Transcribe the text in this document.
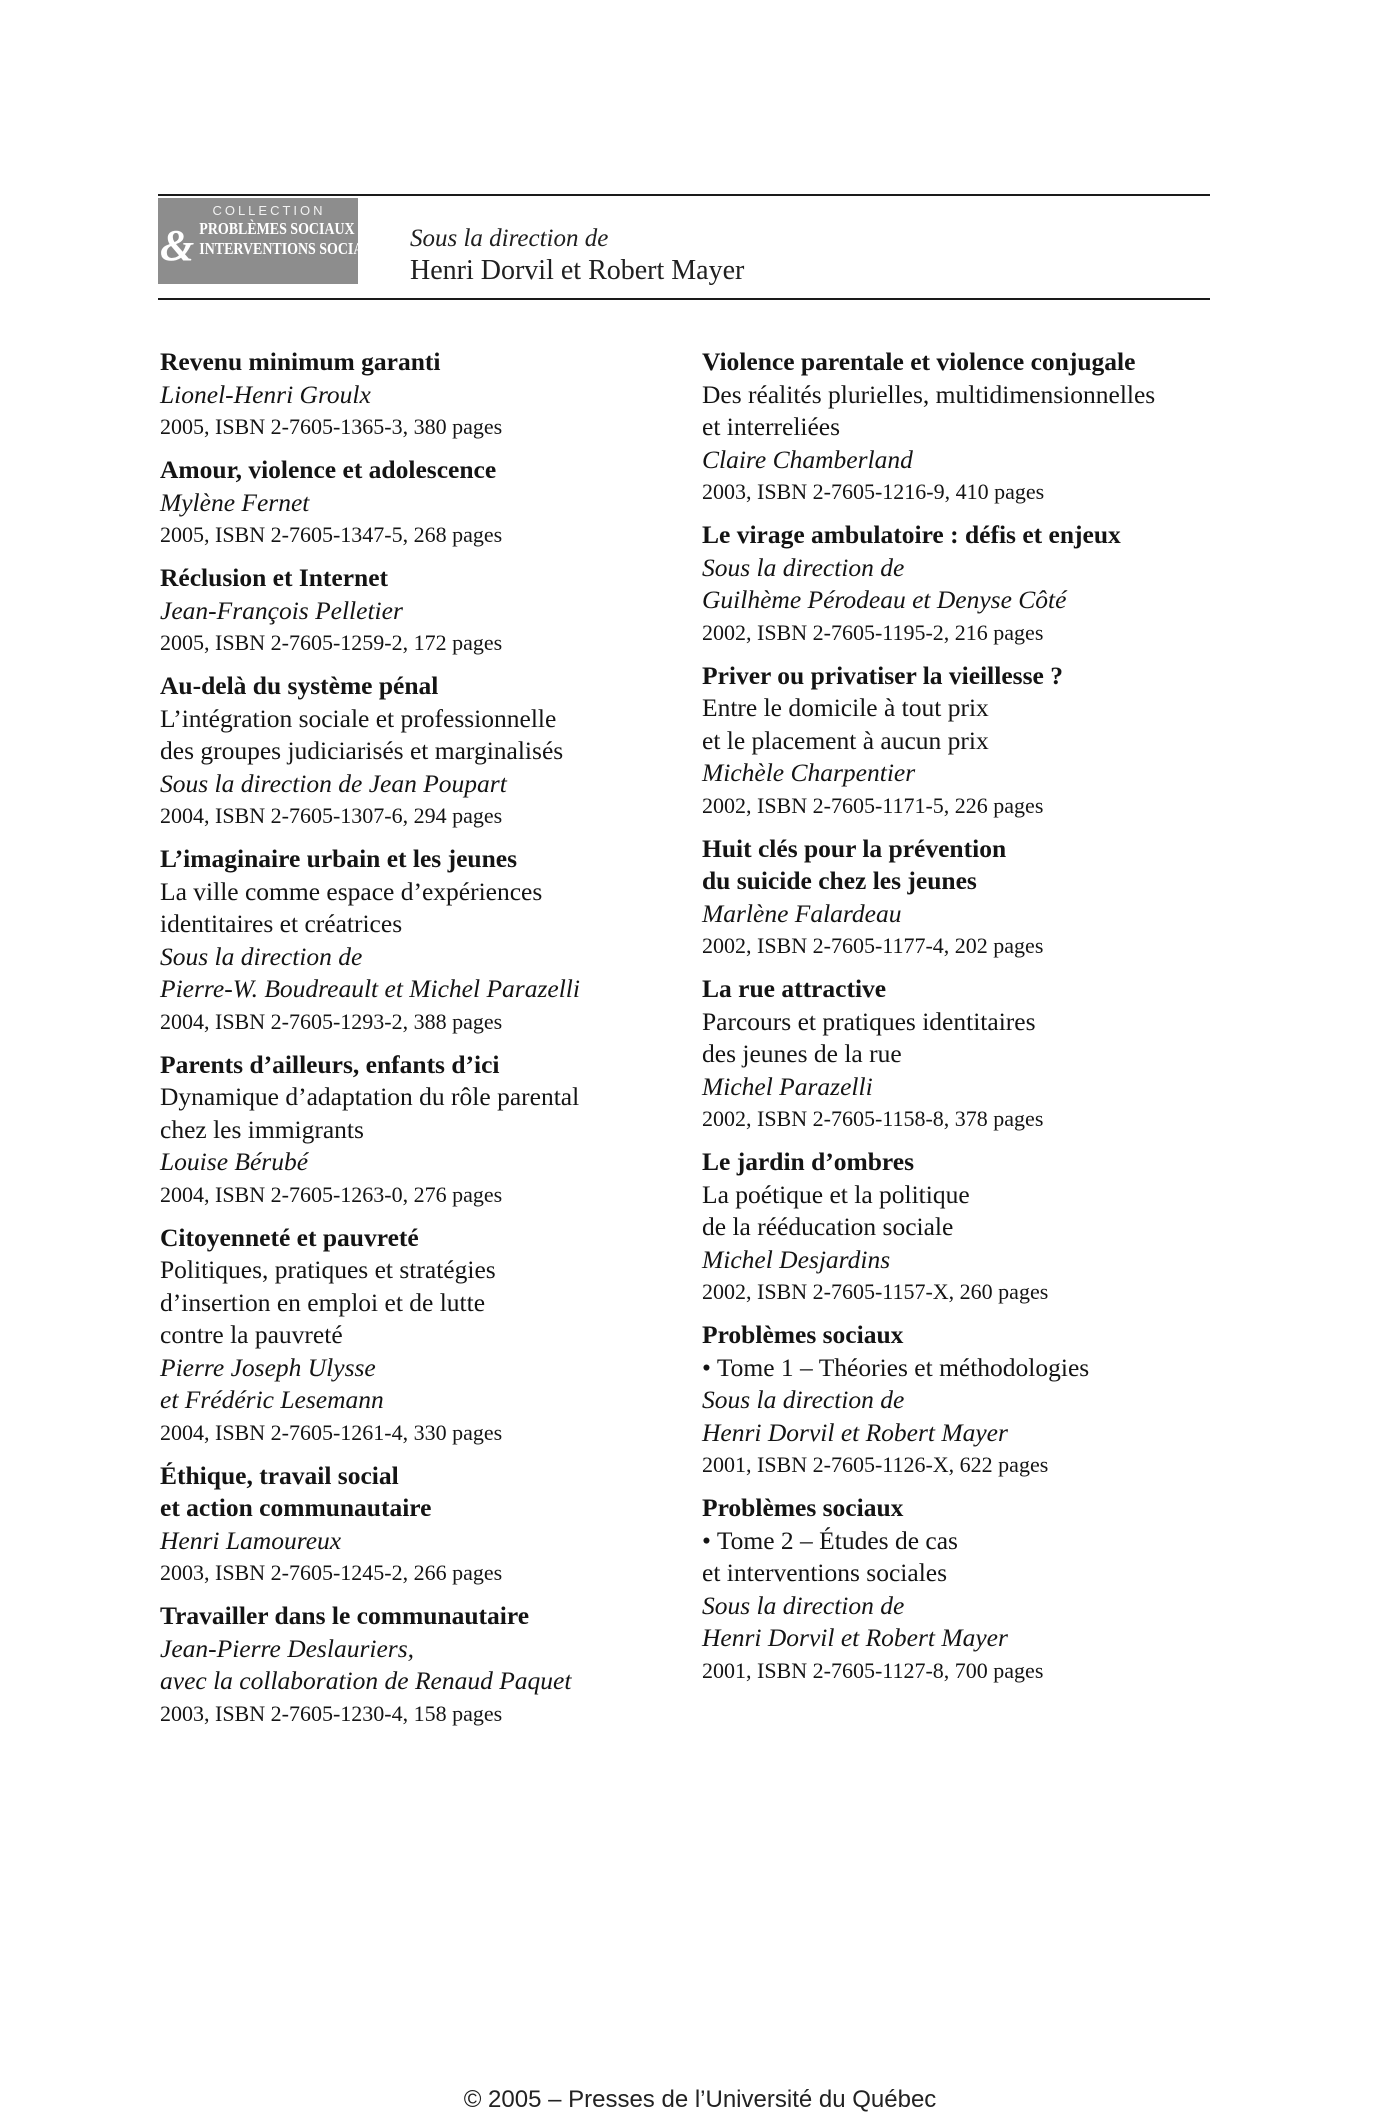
COLLECTION
PROBLÈMES SOCIAUX
& INTERVENTIONS SOCIALES Sous la direction de
Henri Dorvil et Robert Mayer
Revenu minimum garanti
Lionel-Henri Groulx
2005, ISBN 2-7605-1365-3, 380 pages
Amour, violence et adolescence
Mylène Fernet
2005, ISBN 2-7605-1347-5, 268 pages
Réclusion et Internet
Jean-François Pelletier
2005, ISBN 2-7605-1259-2, 172 pages
Au-delà du système pénal
L’intégration sociale et professionnelle
des groupes judiciarisés et marginalisés
Sous la direction de Jean Poupart
2004, ISBN 2-7605-1307-6, 294 pages
L’imaginaire urbain et les jeunes
La ville comme espace d’expériences
identitaires et créatrices
Sous la direction de
Pierre-W. Boudreault et Michel Parazelli
2004, ISBN 2-7605-1293-2, 388 pages
Parents d’ailleurs, enfants d’ici
Dynamique d’adaptation du rôle parental
chez les immigrants
Louise Bérubé
2004, ISBN 2-7605-1263-0, 276 pages
Citoyenneté et pauvreté
Politiques, pratiques et stratégies
d’insertion en emploi et de lutte
contre la pauvreté
Pierre Joseph Ulysse
et Frédéric Lesemann
2004, ISBN 2-7605-1261-4, 330 pages
Éthique, travail social
et action communautaire
Henri Lamoureux
2003, ISBN 2-7605-1245-2, 266 pages
Travailler dans le communautaire
Jean-Pierre Deslauriers,
avec la collaboration de Renaud Paquet
2003, ISBN 2-7605-1230-4, 158 pages
Violence parentale et violence conjugale
Des réalités plurielles, multidimensionnelles
et interreliées
Claire Chamberland
2003, ISBN 2-7605-1216-9, 410 pages
Le virage ambulatoire : défis et enjeux
Sous la direction de
Guilhème Pérodeau et Denyse Côté
2002, ISBN 2-7605-1195-2, 216 pages
Priver ou privatiser la vieillesse ?
Entre le domicile à tout prix
et le placement à aucun prix
Michèle Charpentier
2002, ISBN 2-7605-1171-5, 226 pages
Huit clés pour la prévention
du suicide chez les jeunes
Marlène Falardeau
2002, ISBN 2-7605-1177-4, 202 pages
La rue attractive
Parcours et pratiques identitaires
des jeunes de la rue
Michel Parazelli
2002, ISBN 2-7605-1158-8, 378 pages
Le jardin d’ombres
La poétique et la politique
de la rééducation sociale
Michel Desjardins
2002, ISBN 2-7605-1157-X, 260 pages
Problèmes sociaux
• Tome 1 – Théories et méthodologies
Sous la direction de
Henri Dorvil et Robert Mayer
2001, ISBN 2-7605-1126-X, 622 pages
Problèmes sociaux
• Tome 2 – Études de cas
et interventions sociales
Sous la direction de
Henri Dorvil et Robert Mayer
2001, ISBN 2-7605-1127-8, 700 pages
© 2005 – Presses de l’Université du Québec
